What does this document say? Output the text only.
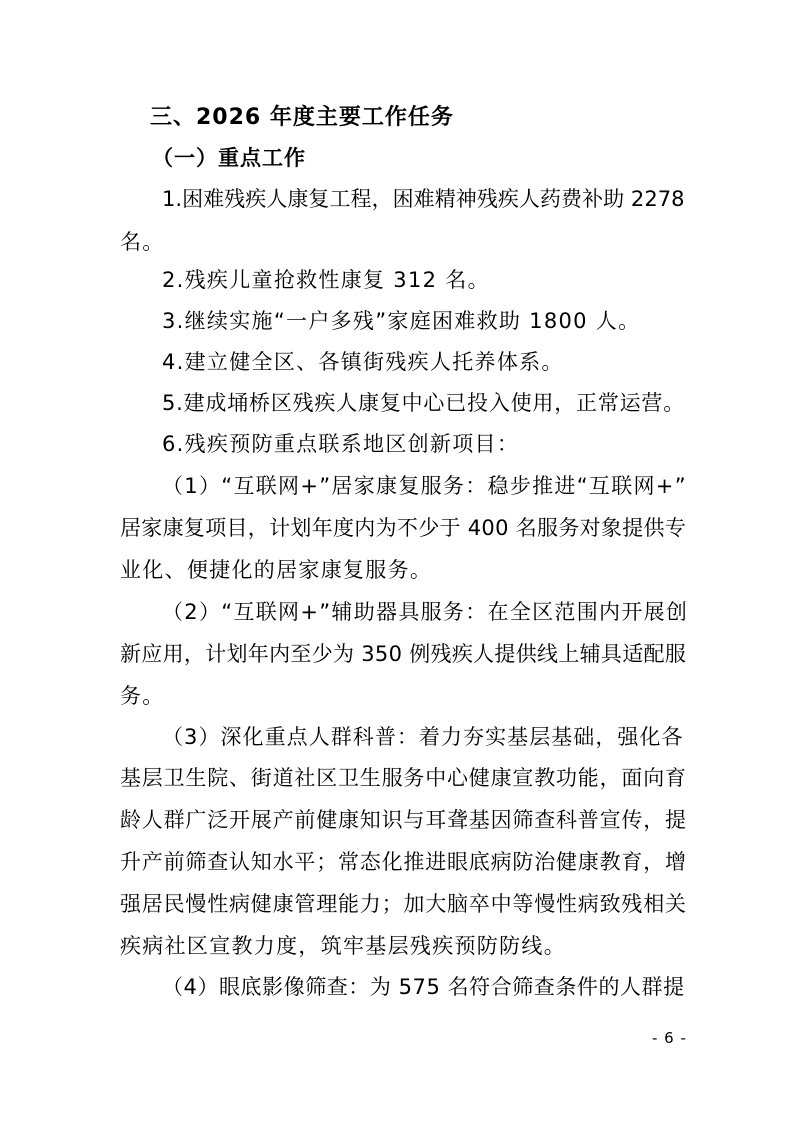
三、2026 年度主要工作任务
（一）重点工作
1.困难残疾人康复工程，困难精神残疾人药费补助 2278
名。
2.残疾儿童抢救性康复 312 名。
3.继续实施“一户多残”家庭困难救助 1800 人。
4.建立健全区、各镇街残疾人托养体系。
5.建成埇桥区残疾人康复中心已投入使用，正常运营。
6.残疾预防重点联系地区创新项目：
（1）“互联网+”居家康复服务：稳步推进“互联网+”
居家康复项目，计划年度内为不少于 400 名服务对象提供专
业化、便捷化的居家康复服务。
（2）“互联网+”辅助器具服务：在全区范围内开展创
新应用，计划年内至少为 350 例残疾人提供线上辅具适配服
务。
（3）深化重点人群科普：着力夯实基层基础，强化各
基层卫生院、街道社区卫生服务中心健康宣教功能，面向育
龄人群广泛开展产前健康知识与耳聋基因筛查科普宣传，提
升产前筛查认知水平；常态化推进眼底病防治健康教育，增
强居民慢性病健康管理能力；加大脑卒中等慢性病致残相关
疾病社区宣教力度，筑牢基层残疾预防防线。
（4）眼底影像筛查：为 575 名符合筛查条件的人群提
- 6 -
